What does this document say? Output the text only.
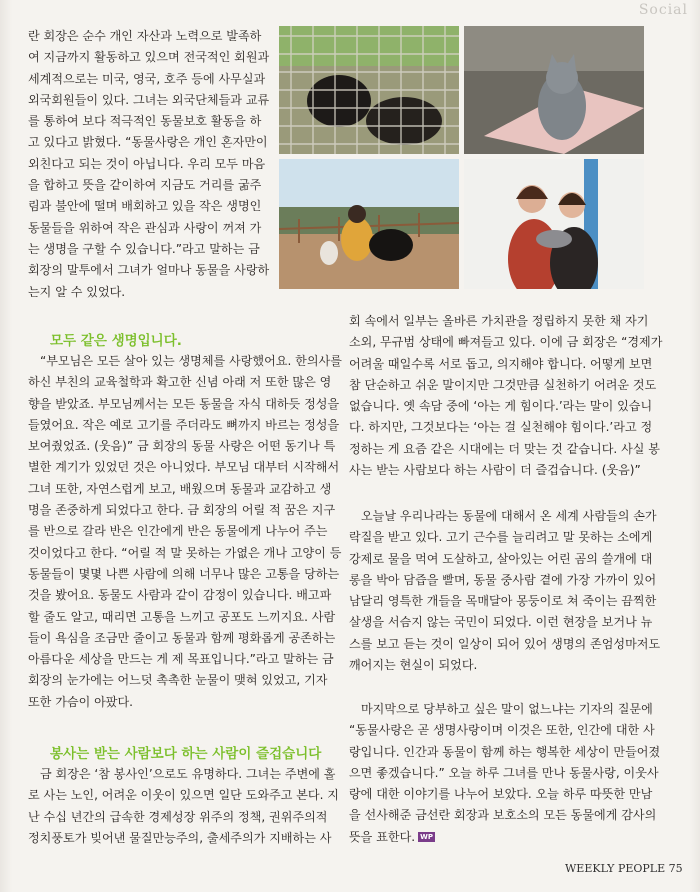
Social
란 회장은 순수 개인 자산과 노력으로 발족하
여 지금까지 활동하고 있으며 전국적인 회원과
세계적으로는 미국, 영국, 호주 등에 사무실과
외국회원들이 있다. 그녀는 외국단체들과 교류
를 통하여 보다 적극적인 동물보호 활동을 하
고 있다고 밝혔다. “동물사랑은 개인 혼자만이
외친다고 되는 것이 아닙니다. 우리 모두 마음
을 합하고 뜻을 같이하여 지금도 거리를 굶주
림과 불안에 떨며 배회하고 있을 작은 생명인
동물들을 위하여 작은 관심과 사랑이 꺼져 가
는 생명을 구할 수 있습니다.”라고 말하는 금
회장의 말투에서 그녀가 얼마나 동물을 사랑하
는지 알 수 있었다.
모두 같은 생명입니다.
“부모님은 모든 살아 있는 생명체를 사랑했어요. 한의사를
하신 부친의 교육철학과 확고한 신념 아래 저 또한 많은 영
향을 받았죠. 부모님께서는 모든 동물을 자식 대하듯 정성을
들였어요. 작은 예로 고기를 주더라도 뼈까지 바르는 정성을
보여줬었죠. (웃음)” 금 회장의 동물 사랑은 어떤 동기나 특
별한 계기가 있었던 것은 아니었다. 부모님 대부터 시작해서
그녀 또한, 자연스럽게 보고, 배웠으며 동물과 교감하고 생
명을 존중하게 되었다고 한다. 금 회장의 어릴 적 꿈은 지구
를 반으로 갈라 반은 인간에게 반은 동물에게 나누어 주는
것이었다고 한다. “어릴 적 말 못하는 가엾은 개나 고양이 등
동물들이 몇몇 나쁜 사람에 의해 너무나 많은 고통을 당하는
것을 봤어요. 동물도 사람과 같이 감정이 있습니다. 배고파
할 줄도 알고, 때리면 고통을 느끼고 공포도 느끼지요. 사람
들이 욕심을 조금만 줄이고 동물과 함께 평화롭게 공존하는
아름다운 세상을 만드는 게 제 목표입니다.”라고 말하는 금
회장의 눈가에는 어느덧 촉촉한 눈물이 맺혀 있었고, 기자
또한 가슴이 아팠다.
봉사는 받는 사람보다 하는 사람이 즐겁습니다
금 회장은 ‘참 봉사인’으로도 유명하다. 그녀는 주변에 홀
로 사는 노인, 어려운 이웃이 있으면 일단 도와주고 본다. 지
난 수십 년간의 급속한 경제성장 위주의 정책, 권위주의적
정치풍토가 빚어낸 물질만능주의, 출세주의가 지배하는 사
회 속에서 일부는 올바른 가치관을 정립하지 못한 채 자기
소외, 무규범 상태에 빠져들고 있다. 이에 금 회장은 “경제가
어려울 때일수록 서로 돕고, 의지해야 합니다. 어떻게 보면
참 단순하고 쉬운 말이지만 그것만큼 실천하기 어려운 것도
없습니다. 옛 속담 중에 ‘아는 게 힘이다.’라는 말이 있습니
다. 하지만, 그것보다는 ‘아는 걸 실천해야 힘이다.’라고 정
정하는 게 요즘 같은 시대에는 더 맞는 것 같습니다. 사실 봉
사는 받는 사람보다 하는 사람이 더 즐겁습니다. (웃음)”
오늘날 우리나라는 동물에 대해서 온 세계 사람들의 손가
락질을 받고 있다. 고기 근수를 늘리려고 말 못하는 소에게
강제로 물을 먹여 도살하고, 살아있는 어린 곰의 쓸개에 대
롱을 박아 담즙을 빨며, 동물 중사람 곁에 가장 가까이 있어
남달리 영특한 개들을 목매달아 몽둥이로 쳐 죽이는 끔찍한
살생을 서슴지 않는 국민이 되었다. 이런 현장을 보거나 뉴
스를 보고 듣는 것이 일상이 되어 있어 생명의 존엄성마저도
깨어지는 현실이 되었다.
마지막으로 당부하고 싶은 말이 없느냐는 기자의 질문에
“동물사랑은 곧 생명사랑이며 이것은 또한, 인간에 대한 사
랑입니다. 인간과 동물이 함께 하는 행복한 세상이 만들어졌
으면 좋겠습니다.” 오늘 하루 그녀를 만나 동물사랑, 이웃사
랑에 대한 이야기를 나누어 보았다. 오늘 하루 따뜻한 만남
을 선사해준 금선란 회장과 보호소의 모든 동물에게 감사의
뜻을 표한다. WP
WEEKLY PEOPLE 75
